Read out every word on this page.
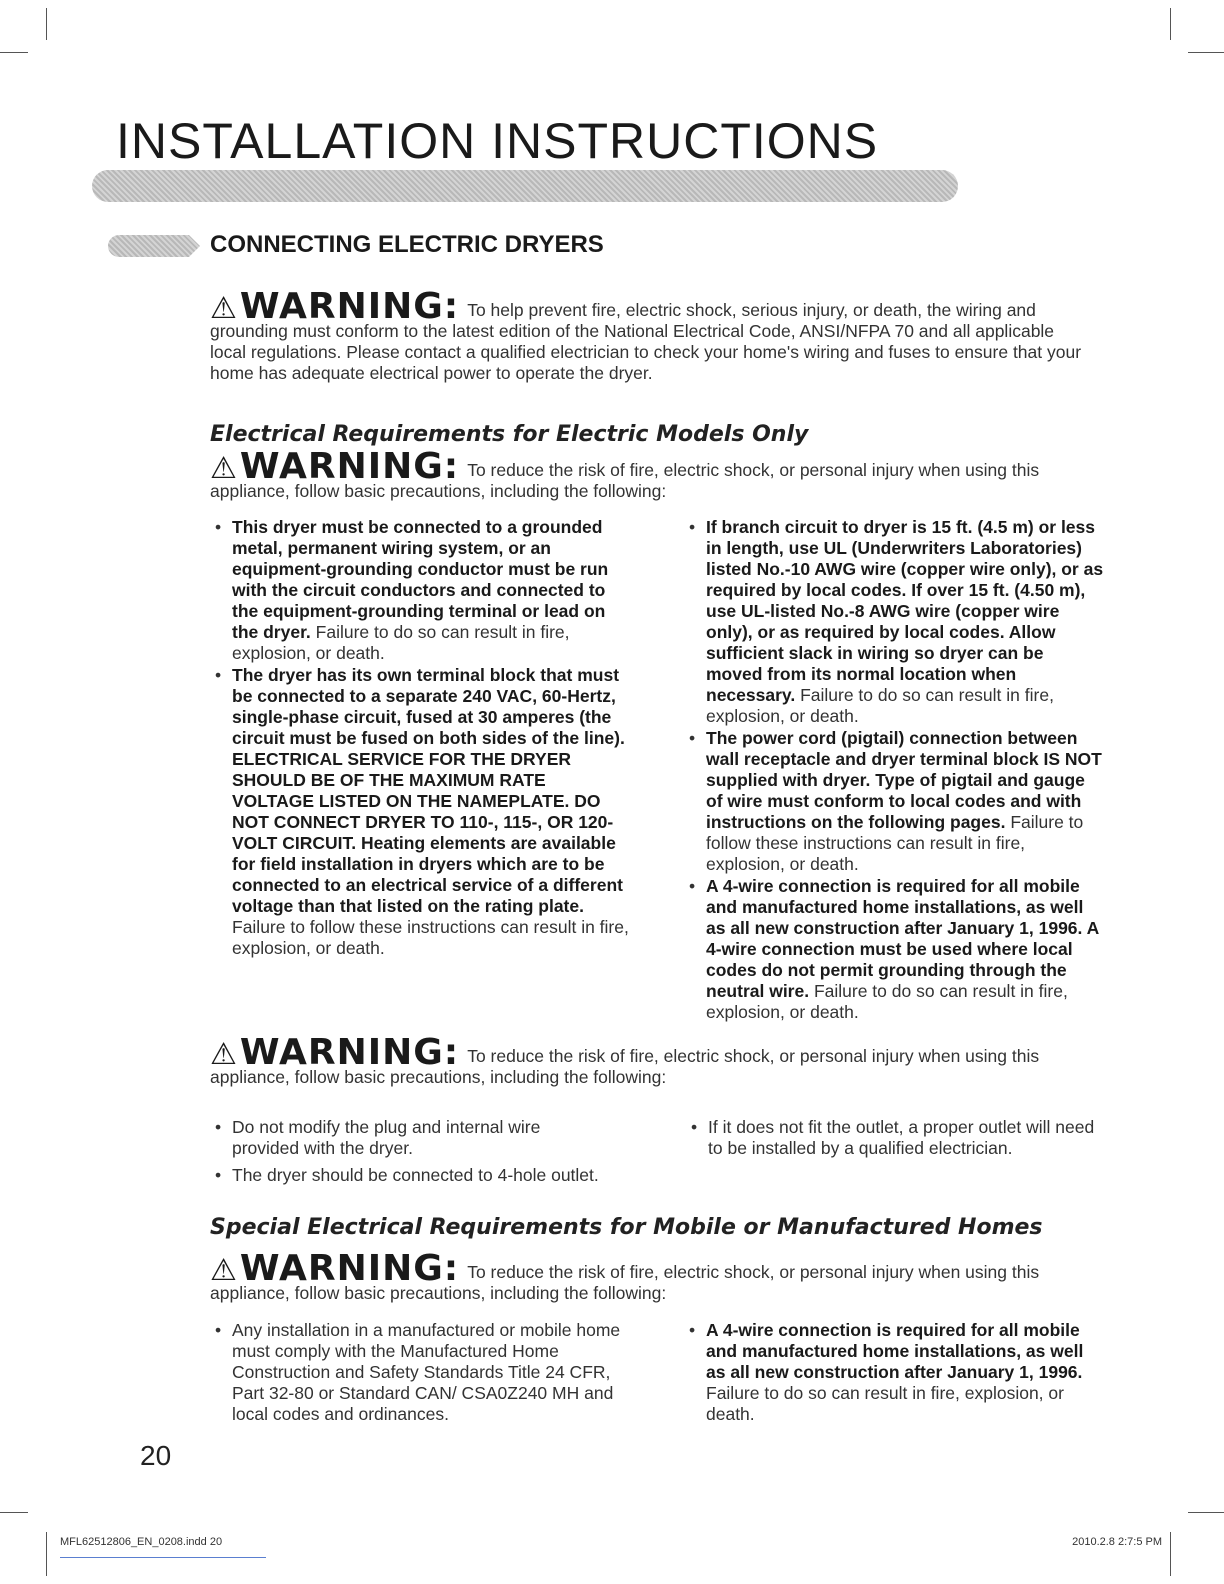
INSTALLATION INSTRUCTIONS
CONNECTING ELECTRIC DRYERS
⚠WARNING: To help prevent fire, electric shock, serious injury, or death, the wiring and grounding must conform to the latest edition of the National Electrical Code, ANSI/NFPA 70 and all applicable local regulations. Please contact a qualified electrician to check your home's wiring and fuses to ensure that your home has adequate electrical power to operate the dryer.
Electrical Requirements for Electric Models Only
⚠WARNING: To reduce the risk of fire, electric shock, or personal injury when using this appliance, follow basic precautions, including the following:
• This dryer must be connected to a grounded metal, permanent wiring system, or an equipment-grounding conductor must be run with the circuit conductors and connected to the equipment-grounding terminal or lead on the dryer. Failure to do so can result in fire, explosion, or death.
• The dryer has its own terminal block that must be connected to a separate 240 VAC, 60-Hertz, single-phase circuit, fused at 30 amperes (the circuit must be fused on both sides of the line). ELECTRICAL SERVICE FOR THE DRYER SHOULD BE OF THE MAXIMUM RATE VOLTAGE LISTED ON THE NAMEPLATE. DO NOT CONNECT DRYER TO 110-, 115-, OR 120-VOLT CIRCUIT. Heating elements are available for field installation in dryers which are to be connected to an electrical service of a different voltage than that listed on the rating plate. Failure to follow these instructions can result in fire, explosion, or death.
• If branch circuit to dryer is 15 ft. (4.5 m) or less in length, use UL (Underwriters Laboratories) listed No.-10 AWG wire (copper wire only), or as required by local codes. If over 15 ft. (4.50 m), use UL-listed No.-8 AWG wire (copper wire only), or as required by local codes. Allow sufficient slack in wiring so dryer can be moved from its normal location when necessary. Failure to do so can result in fire, explosion, or death.
• The power cord (pigtail) connection between wall receptacle and dryer terminal block IS NOT supplied with dryer. Type of pigtail and gauge of wire must conform to local codes and with instructions on the following pages. Failure to follow these instructions can result in fire, explosion, or death.
• A 4-wire connection is required for all mobile and manufactured home installations, as well as all new construction after January 1, 1996. A 4-wire connection must be used where local codes do not permit grounding through the neutral wire. Failure to do so can result in fire, explosion, or death.
⚠WARNING: To reduce the risk of fire, electric shock, or personal injury when using this appliance, follow basic precautions, including the following:
• Do not modify the plug and internal wire provided with the dryer.
• The dryer should be connected to 4-hole outlet.
• If it does not fit the outlet, a proper outlet will need to be installed by a qualified electrician.
Special Electrical Requirements for Mobile or Manufactured Homes
⚠WARNING: To reduce the risk of fire, electric shock, or personal injury when using this appliance, follow basic precautions, including the following:
• Any installation in a manufactured or mobile home must comply with the Manufactured Home Construction and Safety Standards Title 24 CFR, Part 32-80 or Standard CAN/ CSA0Z240 MH and local codes and ordinances.
• A 4-wire connection is required for all mobile and manufactured home installations, as well as all new construction after January 1, 1996. Failure to do so can result in fire, explosion, or death.

20

MFL62512806_EN_0208.indd 20	2010.2.8 2:7:5 PM
